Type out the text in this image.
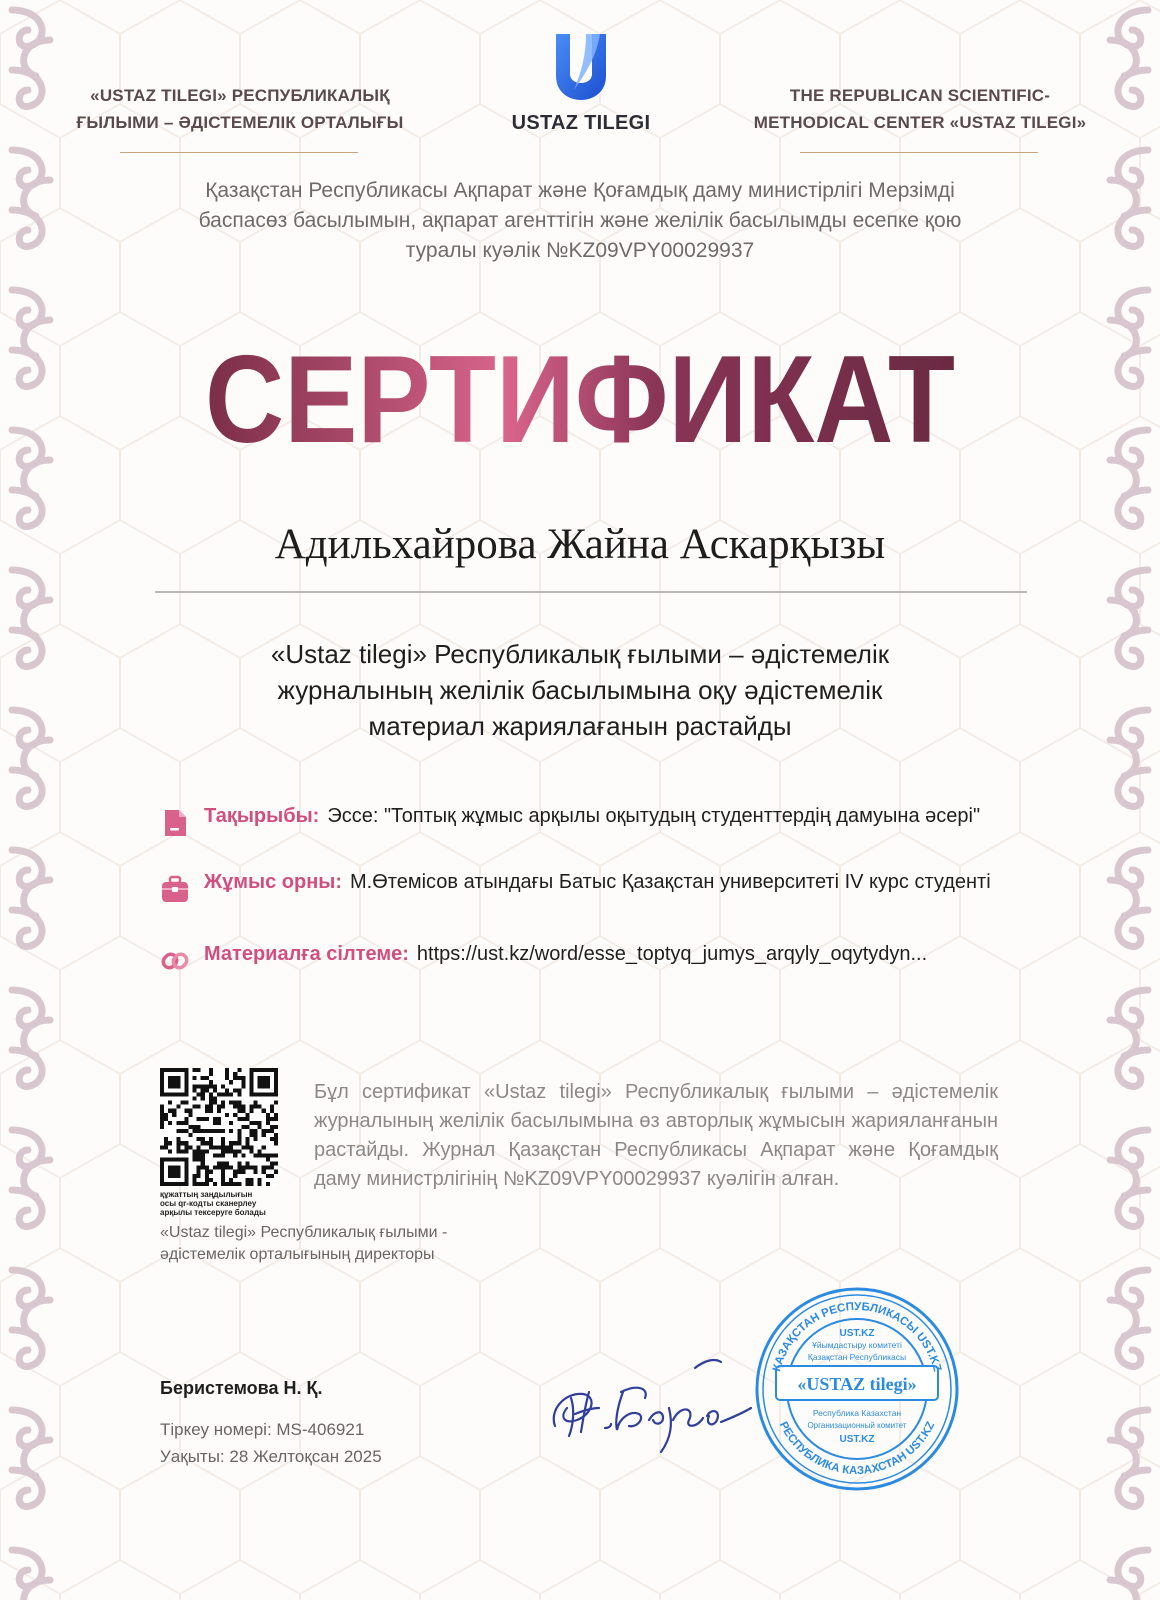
«USTAZ TILEGI» РЕСПУБЛИКАЛЫҚ
ҒЫЛЫМИ – ӘДІСТЕМЕЛІК ОРТАЛЫҒЫ	USTAZ TILEGI
THE REPUBLICAN SCIENTIFIC-
METHODICAL CENTER «USTAZ TILEGI»
Қазақстан Республикасы Ақпарат және Қоғамдық даму министірлігі Мерзімді
баспасөз басылымын, ақпарат агенттігін және желілік басылымды есепке қою
туралы куәлік №KZ09VPY00029937
СЕРТИФИКАТ
Адильхайрова Жайна Аскарқызы
«Ustaz tilegi» Республикалық ғылыми – әдістемелік
журналының желілік басылымына оқу әдістемелік
материал жариялағанын растайды
Тақырыбы: Эссе: "Топтық жұмыс арқылы оқытудың студенттердің дамуына әсері"
Жұмыс орны: М.Өтемісов атындағы Батыс Қазақстан университеті IV курс студенті
Материалға сілтеме: https://ust.kz/word/esse_toptyq_jumys_arqyly_oqytydyn...
құжаттың заңдылығын
осы qr-кодты сканерлеу
арқылы тексеруге болады
Бұл сертификат «Ustaz tilegi» Республикалық ғылыми – әдістемелік журналының желілік басылымына өз авторлық жұмысын жарияланғанын растайды. Журнал Қазақстан Республикасы Ақпарат және Қоғамдық даму министрлігінің №KZ09VPY00029937 куәлігін алған.
«Ustaz tilegi» Республикалық ғылыми -
әдістемелік орталығының директоры
Беристемова Н. Қ.
Тіркеу номері: MS-406921
Уақыты: 28 Желтоқсан 2025
ҚАЗАҚСТАН РЕСПУБЛИКАСЫ UST.KZ
РЕСПУБЛИКА КАЗАХСТАН UST.KZ
UST.KZ
Ұйымдастыру комитеті
Қазақстан Республикасы
«USTAZ tilegi»
Республика Казахстан
Организационный комитет
UST.KZ
